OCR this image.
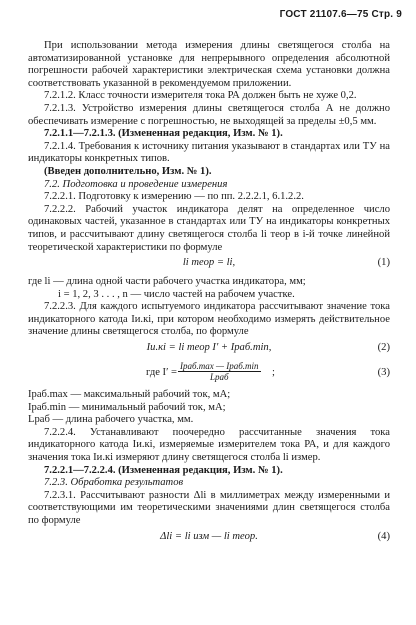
ГОСТ 21107.6—75 Стр. 9

При использовании метода измерения длины светящегося столба на автоматизированной установке для непрерывного определения абсолютной погрешности рабочей характеристики электрическая схема установки должна соответствовать указанной в рекомендуемом приложении.

7.2.1.2. Класс точности измерителя тока РА должен быть не хуже 0,2.

7.2.1.3. Устройство измерения длины светящегося столба А не должно обеспечивать измерение с погрешностью, не выходящей за пределы ±0,5 мм.

7.2.1.1—7.2.1.3. (Измененная редакция, Изм. № 1).

7.2.1.4. Требования к источнику питания указывают в стандартах или ТУ на индикаторы конкретных типов.

(Введен дополнительно, Изм. № 1).

7.2. Подготовка и проведение измерения

7.2.2.1. Подготовку к измерению — по пп. 2.2.2.1, 6.1.2.2.

7.2.2.2. Рабочий участок индикатора делят на определенное число одинаковых частей, указанное в стандартах или ТУ на индикаторы конкретных типов, и рассчитывают длину светящегося столба li теор в i-й точке линейной теоретической характеристики по формуле

li теор = li,	(1)

где li — длина одной части рабочего участка индикатора, мм;

i = 1, 2, 3 . . . , n — число частей на рабочем участке.

7.2.2.3. Для каждого испытуемого индикатора рассчитывают значение тока индикаторного катода Iи.кi, при котором необходимо измерять действительное значение длины светящегося столба, по формуле

Iи.кi = li теор I′ + Iраб.min,	(2)
где I′ =
Iраб.max — Iраб.min
Lраб	;	(3)

Iраб.max — максимальный рабочий ток, мА;

Iраб.min — минимальный рабочий ток, мА;

Lраб — длина рабочего участка, мм.

7.2.2.4. Устанавливают поочередно рассчитанные значения тока индикаторного катода Iи.кi, измеряемые измерителем тока РА, и для каждого значения тока Iи.кi измеряют длину светящегося столба li измер.

7.2.2.1—7.2.2.4. (Измененная редакция, Изм. № 1).

7.2.3. Обработка результатов

7.2.3.1. Рассчитывают разности Δli в миллиметрах между измеренными и соответствующими им теоретическими значениями длин светящегося столба по формуле

Δli = li изм — li теор.	(4)
